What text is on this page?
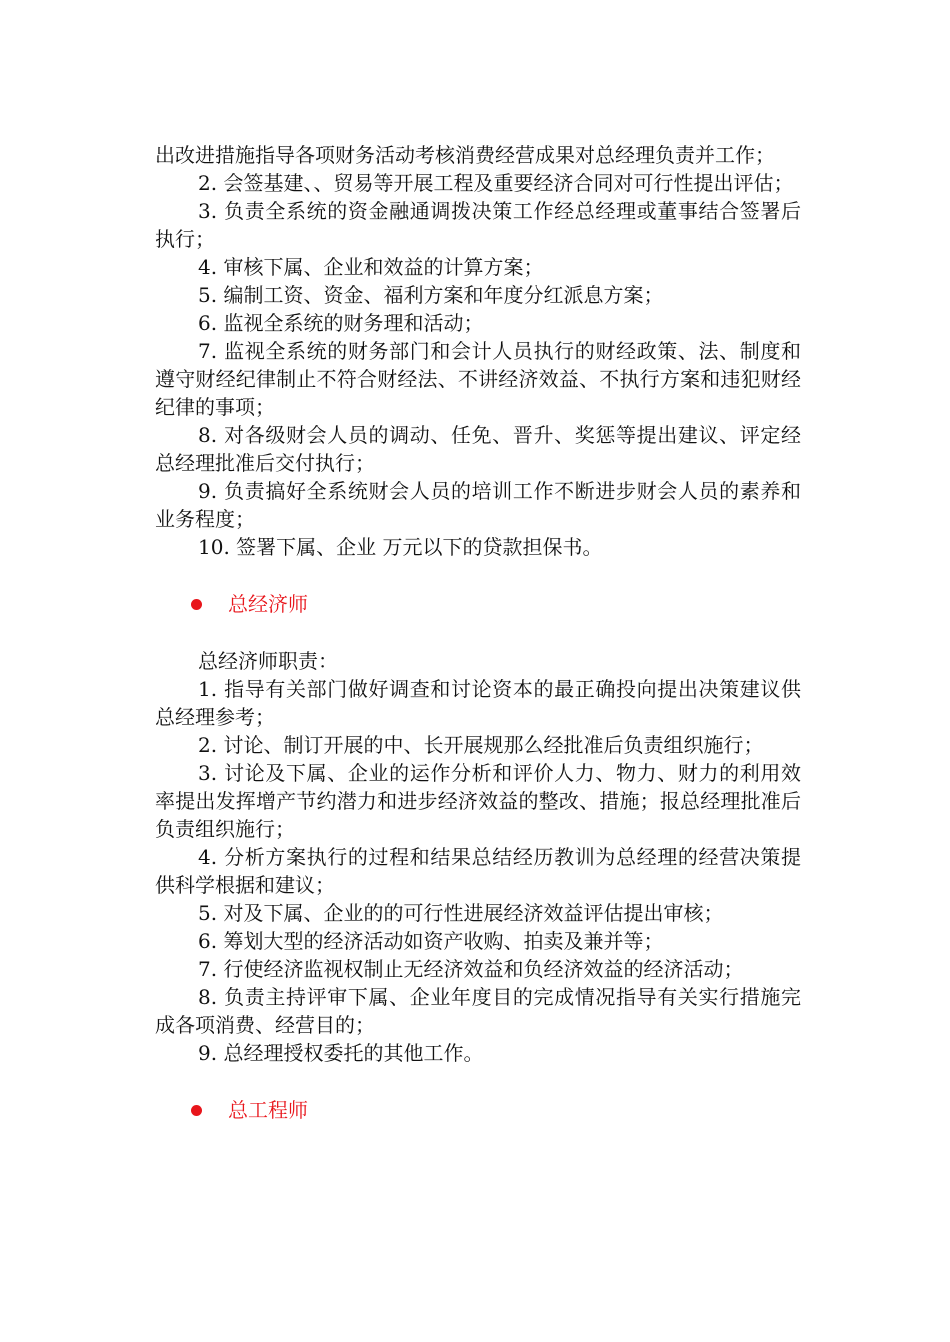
出改进措施指导各项财务活动考核消费经营成果对总经理负责并工作；

2. 会签基建、、贸易等开展工程及重要经济合同对可行性提出评估；

3. 负责全系统的资金融通调拨决策工作经总经理或董事结合签署后执行；

4. 审核下属、企业和效益的计算方案；

5. 编制工资、资金、福利方案和年度分红派息方案；

6. 监视全系统的财务理和活动；

7. 监视全系统的财务部门和会计人员执行的财经政策、法、制度和遵守财经纪律制止不符合财经法、不讲经济效益、不执行方案和违犯财经纪律的事项；

8. 对各级财会人员的调动、任免、晋升、奖惩等提出建议、评定经总经理批准后交付执行；

9. 负责搞好全系统财会人员的培训工作不断进步财会人员的素养和业务程度；

10. 签署下属、企业 万元以下的贷款担保书。

总经济师

总经济师职责：

1. 指导有关部门做好调查和讨论资本的最正确投向提出决策建议供总经理参考；

2. 讨论、制订开展的中、长开展规那么经批准后负责组织施行；

3. 讨论及下属、企业的运作分析和评价人力、物力、财力的利用效率提出发挥增产节约潜力和进步经济效益的整改、措施；报总经理批准后负责组织施行；

4. 分析方案执行的过程和结果总结经历教训为总经理的经营决策提供科学根据和建议；

5. 对及下属、企业的的可行性进展经济效益评估提出审核；

6. 筹划大型的经济活动如资产收购、拍卖及兼并等；

7. 行使经济监视权制止无经济效益和负经济效益的经济活动；

8. 负责主持评审下属、企业年度目的完成情况指导有关实行措施完成各项消费、经营目的；

9. 总经理授权委托的其他工作。

总工程师
